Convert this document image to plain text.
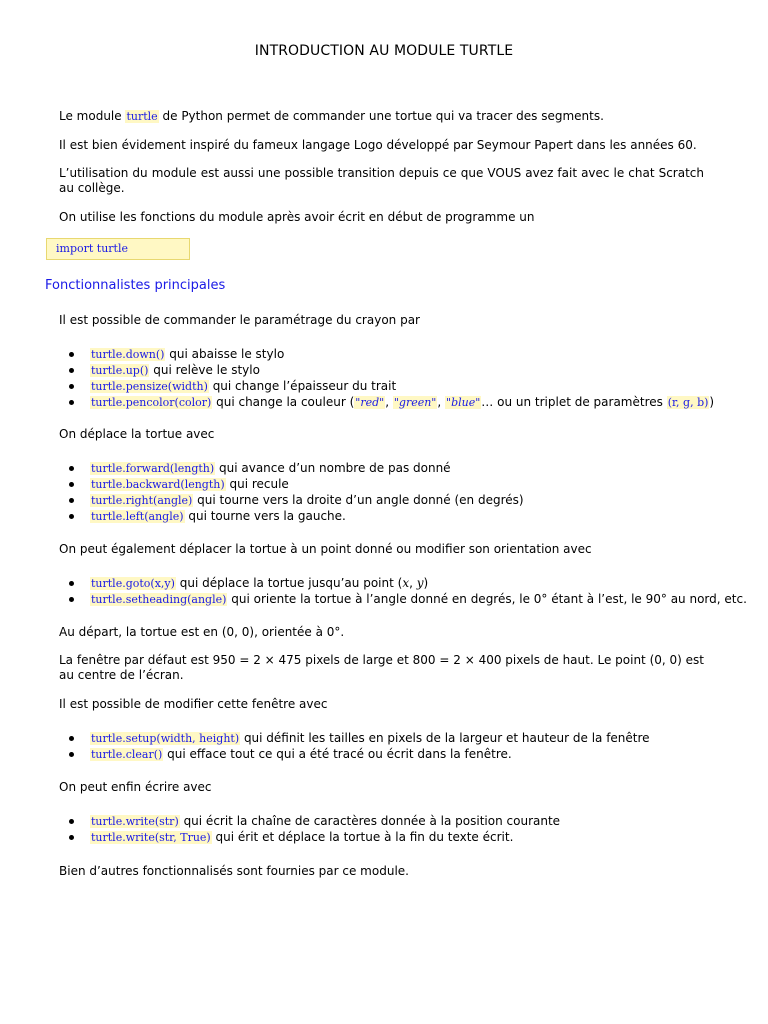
INTRODUCTION AU MODULE TURTLE

Le module turtle de Python permet de commander une tortue qui va tracer des segments.

Il est bien évidement inspiré du fameux langage Logo développé par Seymour Papert dans les années 60.

L’utilisation du module est aussi une possible transition depuis ce que VOUS avez fait avec le chat Scratch au collège.

On utilise les fonctions du module après avoir écrit en début de programme un

import turtle
Fonctionnalistes principales

Il est possible de commander le paramétrage du crayon par

turtle.down() qui abaisse le stylo
turtle.up() qui relève le stylo
turtle.pensize(width) qui change l’épaisseur du trait
turtle.pencolor(color) qui change la couleur ("red", "green", "blue"… ou un triplet de paramètres (r, g, b))

On déplace la tortue avec

turtle.forward(length) qui avance d’un nombre de pas donné
turtle.backward(length) qui recule
turtle.right(angle) qui tourne vers la droite d’un angle donné (en degrés)
turtle.left(angle) qui tourne vers la gauche.

On peut également déplacer la tortue à un point donné ou modifier son orientation avec

turtle.goto(x,y) qui déplace la tortue jusqu’au point (x, y)
turtle.setheading(angle) qui oriente la tortue à l’angle donné en degrés, le 0° étant à l’est, le 90° au nord, etc.

Au départ, la tortue est en (0, 0), orientée à 0°.

La fenêtre par défaut est 950 = 2 × 475 pixels de large et 800 = 2 × 400 pixels de haut. Le point (0, 0) est au centre de l’écran.

Il est possible de modifier cette fenêtre avec

turtle.setup(width, height) qui définit les tailles en pixels de la largeur et hauteur de la fenêtre
turtle.clear() qui efface tout ce qui a été tracé ou écrit dans la fenêtre.

On peut enfin écrire avec

turtle.write(str) qui écrit la chaîne de caractères donnée à la position courante
turtle.write(str, True) qui érit et déplace la tortue à la fin du texte écrit.

Bien d’autres fonctionnalisés sont fournies par ce module.
